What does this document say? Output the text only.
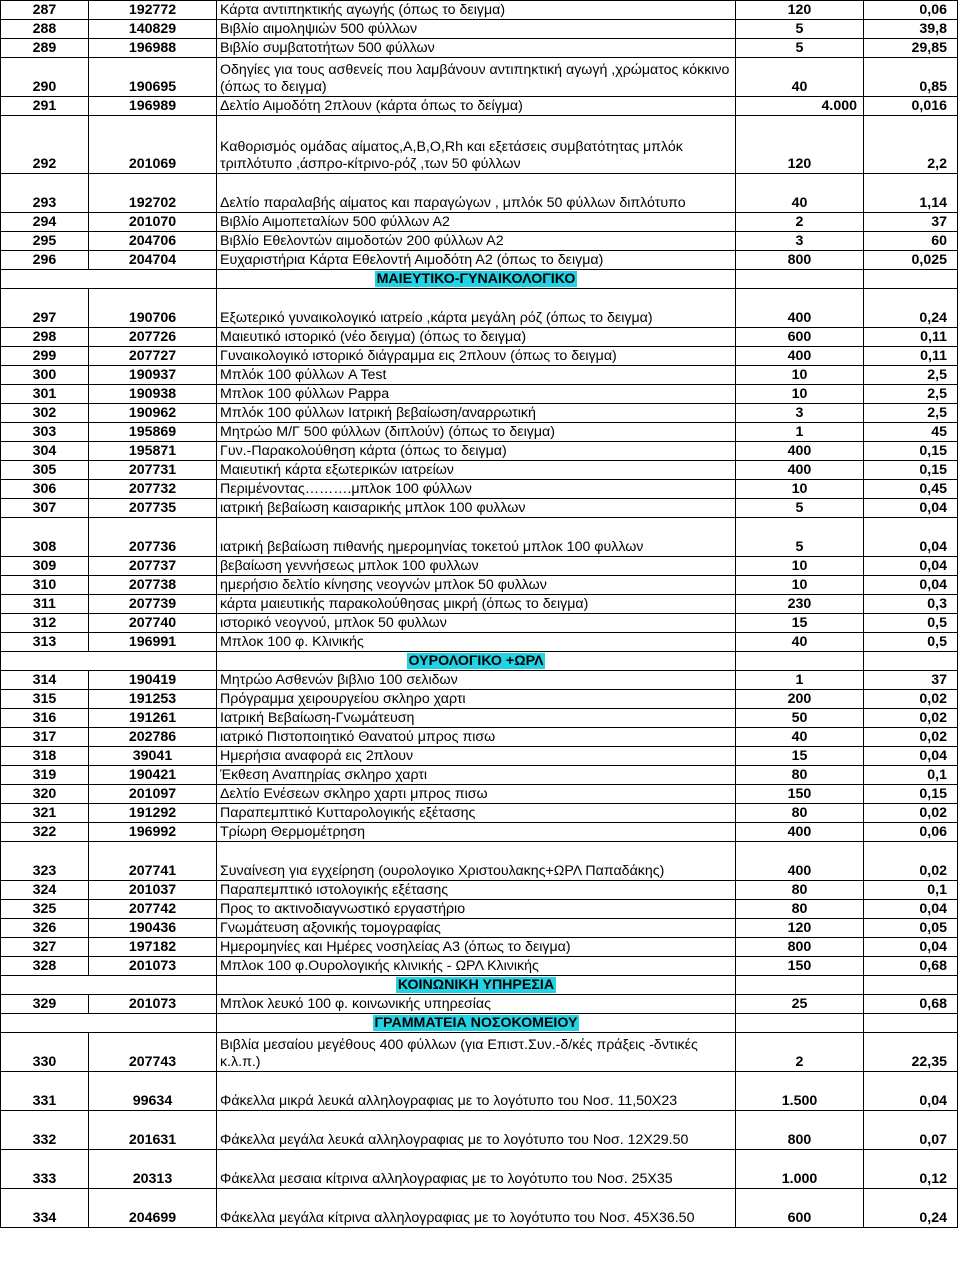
287	192772	Κάρτα αντιπηκτικής αγωγής (όπως το δειγμα)	120	0,06
288	140829	Βιβλίο αιμοληψιών 500 φύλλων	5	39,8
289	196988	Βιβλίο συμβατοτήτων 500 φύλλων	5	29,85
290	190695	Οδηγίες για τους ασθενείς που λαμβάνουν αντιπηκτική αγωγή ,χρώματος κόκκινο (όπως το δειγμα)	40	0,85
291	196989	Δελτίο Αιμοδότη 2πλουν (κάρτα όπως το δείγμα)	4.000	0,016
292	201069	Καθορισμός ομάδας αίματος,Α,Β,Ο,Rh και εξετάσεις συμβατότητας μπλόκ τριπλότυπο ,άσπρο-κίτρινο-ρόζ ,των 50 φύλλων	120	2,2
293	192702	Δελτίο παραλαβής αίματος και παραγώγων , μπλόκ 50 φύλλων διπλότυπο	40	1,14
294	201070	Βιβλίο Αιμοπεταλίων 500 φύλλων Α2	2	37
295	204706	Βιβλίο Εθελοντών αιμοδοτών 200 φύλλων Α2	3	60
296	204704	Ευχαριστήρια Κάρτα Εθελοντή Αιμοδότη Α2 (όπως το δειγμα)	800	0,025
		ΜΑΙΕΥΤΙΚΟ-ΓΥΝΑΙΚΟΛΟΓΙΚΟ		
297	190706	Εξωτερικό γυναικολογικό ιατρείο ,κάρτα μεγάλη ρόζ (όπως το δειγμα)	400	0,24
298	207726	Μαιευτικό ιστορικό (νέο δειγμα) (όπως το δειγμα)	600	0,11
299	207727	Γυναικολογικό ιστορικό διάγραμμα εις 2πλουν (όπως το δειγμα)	400	0,11
300	190937	Μπλόκ 100 φύλλων A Test	10	2,5
301	190938	Μπλοκ 100 φύλλων Pappa	10	2,5
302	190962	Μπλόκ 100 φύλλων Ιατρική βεβαίωση/αναρρωτική	3	2,5
303	195869	Μητρώο Μ/Γ 500 φύλλων (διπλούν) (όπως το δειγμα)	1	45
304	195871	Γυν.-Παρακολούθηση κάρτα (όπως το δειγμα)	400	0,15
305	207731	Μαιευτική κάρτα εξωτερικών ιατρείων	400	0,15
306	207732	Περιμένοντας……….μπλοκ 100 φύλλων	10	0,45
307	207735	ιατρική βεβαίωση καισαρικής μπλοκ 100 φυλλων	5	0,04
308	207736	ιατρική βεβαίωση πιθανής ημερομηνίας τοκετού μπλοκ 100 φυλλων	5	0,04
309	207737	βεβαίωση γεννήσεως μπλοκ 100 φυλλων	10	0,04
310	207738	ημερήσιο δελτίο κίνησης νεογνών μπλοκ 50 φυλλων	10	0,04
311	207739	κάρτα μαιευτικής παρακολούθησας μικρή (όπως το δειγμα)	230	0,3
312	207740	ιστορικό νεογνού, μπλοκ 50 φυλλων	15	0,5
313	196991	Μπλοκ 100 φ. Κλινικής	40	0,5
		ΟΥΡΟΛΟΓΙΚΟ +ΩΡΛ		
314	190419	Μητρώο Ασθενών βιβλιο 100 σελιδων	1	37
315	191253	Πρόγραμμα χειρουργείου σκληρο χαρτι	200	0,02
316	191261	Ιατρική Βεβαίωση-Γνωμάτευση	50	0,02
317	202786	ιατρικό Πιστοποιητικό Θανατού μπρος πισω	40	0,02
318	39041	Ημερήσια αναφορά εις 2πλουν	15	0,04
319	190421	Έκθεση Αναπηρίας σκληρο χαρτι	80	0,1
320	201097	Δελτίο Ενέσεων σκληρο χαρτι μπρος πισω	150	0,15
321	191292	Παραπεμπτικό Κυτταρολογικής εξέτασης	80	0,02
322	196992	Τρίωρη Θερμομέτρηση	400	0,06
323	207741	Συναίνεση για εγχείρηση (ουρολογικο Χριστουλακης+ΩΡΛ Παπαδάκης)	400	0,02
324	201037	Παραπεμπτικό ιστολογικής εξέτασης	80	0,1
325	207742	Προς το ακτινοδιαγνωστικό εργαστήριο	80	0,04
326	190436	Γνωμάτευση αξονικής τομογραφίας	120	0,05
327	197182	Ημερομηνίες και Ημέρες νοσηλείας Α3 (όπως το δειγμα)	800	0,04
328	201073	Μπλοκ 100 φ.Ουρολογικής κλινικής - ΩΡΛ Κλινικής	150	0,68
		ΚΟΙΝΩΝΙΚΗ ΥΠΗΡΕΣΙΑ		
329	201073	Μπλοκ λευκό 100 φ. κοινωνικής υπηρεσίας	25	0,68
		ΓΡΑΜΜΑΤΕΙΑ ΝΟΣΟΚΟΜΕΙΟΥ		
330	207743	Βιβλία μεσαίου μεγέθους 400 φύλλων (για Επιστ.Συν.-δ/κές πράξεις -δντικές κ.λ.π.)	2	22,35
331	99634	Φάκελλα μικρά λευκά αλληλογραφιας με το λογότυπο του Νοσ. 11,50Χ23	1.500	0,04
332	201631	Φάκελλα μεγάλα λευκά αλληλογραφιας με το λογότυπο του Νοσ. 12Χ29.50	800	0,07
333	20313	Φάκελλα μεσαια κίτρινα αλληλογραφιας με το λογότυπο του Νοσ. 25Χ35	1.000	0,12
334	204699	Φάκελλα μεγάλα κίτρινα αλληλογραφιας με το λογότυπο του Νοσ. 45Χ36.50	600	0,24
